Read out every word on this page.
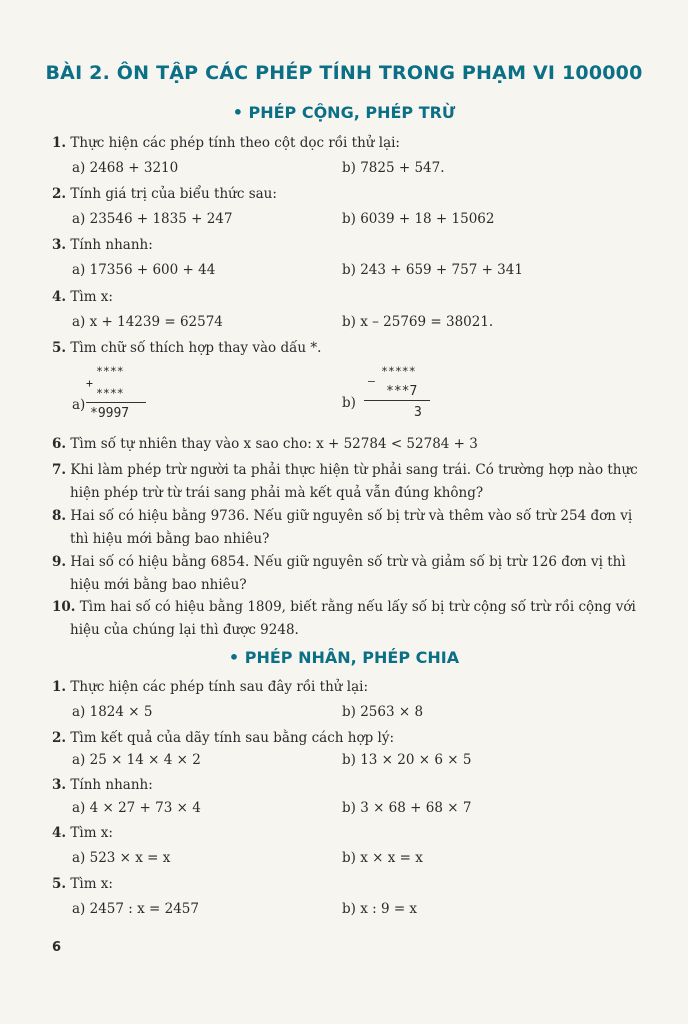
BÀI 2. ÔN TẬP CÁC PHÉP TÍNH TRONG PHẠM VI 100000
• PHÉP CỘNG, PHÉP TRỪ
1. Thực hiện các phép tính theo cột dọc rồi thử lại:
a) 2468 + 3210	b) 7825 + 547.
2. Tính giá trị của biểu thức sau:
a) 23546 + 1835 + 247	b) 6039 + 18 + 15062
3. Tính nhanh:
a) 17356 + 600 + 44	b) 243 + 659 + 757 + 341
4. Tìm x:
a) x + 14239 = 62574	b) x – 25769 = 38021.
5. Tìm chữ số thích hợp thay vào dấu *.
a)
****
+
****
*9997
b)
–
*****
***7
3
6. Tìm số tự nhiên thay vào x sao cho: x + 52784 < 52784 + 3
7. Khi làm phép trừ người ta phải thực hiện từ phải sang trái. Có trường hợp nào thực
hiện phép trừ từ trái sang phải mà kết quả vẫn đúng không?
8. Hai số có hiệu bằng 9736. Nếu giữ nguyên số bị trừ và thêm vào số trừ 254 đơn vị
thì hiệu mới bằng bao nhiêu?
9. Hai số có hiệu bằng 6854. Nếu giữ nguyên số trừ và giảm số bị trừ 126 đơn vị thì
hiệu mới bằng bao nhiêu?
10. Tìm hai số có hiệu bằng 1809, biết rằng nếu lấy số bị trừ cộng số trừ rồi cộng với
hiệu của chúng lại thì được 9248.
• PHÉP NHÂN, PHÉP CHIA
1. Thực hiện các phép tính sau đây rồi thử lại:
a) 1824 × 5	b) 2563 × 8
2. Tìm kết quả của dãy tính sau bằng cách hợp lý:
a) 25 × 14 × 4 × 2	b) 13 × 20 × 6 × 5
3. Tính nhanh:
a) 4 × 27 + 73 × 4	b) 3 × 68 + 68 × 7
4. Tìm x:
a) 523 × x = x	b) x × x = x
5. Tìm x:
a) 2457 : x = 2457	b) x : 9 = x
6
